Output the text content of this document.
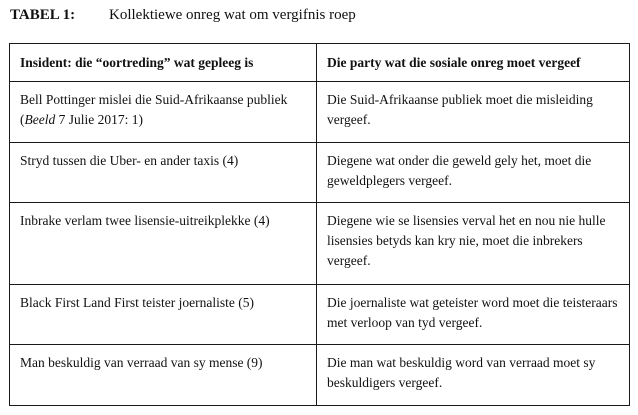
TABEL 1: Kollektiewe onreg wat om vergifnis roep
Insident: die “oortreding” wat gepleeg is	Die party wat die sosiale onreg moet vergeef
Bell Pottinger mislei die Suid-Afrikaanse publiek (Beeld 7 Julie 2017: 1)	Die Suid-Afrikaanse publiek moet die misleiding vergeef.
Stryd tussen die Uber- en ander taxis (4)	Diegene wat onder die geweld gely het, moet die geweldplegers vergeef.
Inbrake verlam twee lisensie-uitreikplekke (4)	Diegene wie se lisensies verval het en nou nie hulle lisensies betyds kan kry nie, moet die inbrekers vergeef.
Black First Land First teister joernaliste (5)	Die joernaliste wat geteister word moet die teisteraars met verloop van tyd vergeef.
Man beskuldig van verraad van sy mense (9)	Die man wat beskuldig word van verraad moet sy beskuldigers vergeef.
